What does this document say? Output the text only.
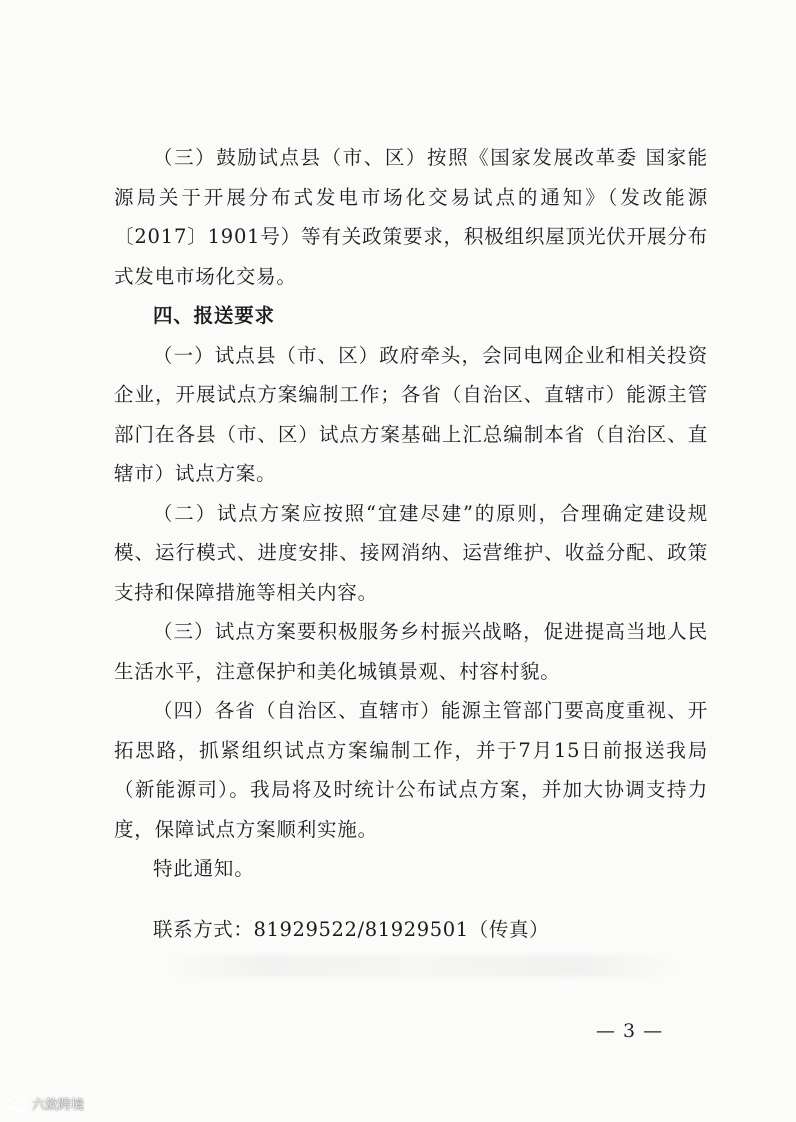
（三）鼓励试点县（市、区）按照《国家发展改革委 国家能源局关于开展分布式发电市场化交易试点的通知》（发改能源〔2017〕1901号）等有关政策要求，积极组织屋顶光伏开展分布式发电市场化交易。

四、报送要求

（一）试点县（市、区）政府牵头，会同电网企业和相关投资企业，开展试点方案编制工作；各省（自治区、直辖市）能源主管部门在各县（市、区）试点方案基础上汇总编制本省（自治区、直辖市）试点方案。

（二）试点方案应按照“宜建尽建”的原则，合理确定建设规模、运行模式、进度安排、接网消纳、运营维护、收益分配、政策支持和保障措施等相关内容。

（三）试点方案要积极服务乡村振兴战略，促进提高当地人民生活水平，注意保护和美化城镇景观、村容村貌。

（四）各省（自治区、直辖市）能源主管部门要高度重视、开拓思路，抓紧组织试点方案编制工作，并于7月15日前报送我局（新能源司）。我局将及时统计公布试点方案，并加大协调支持力度，保障试点方案顺利实施。

特此通知。

联系方式：81929522/81929501（传真）

— 3 —
六敛跨境
